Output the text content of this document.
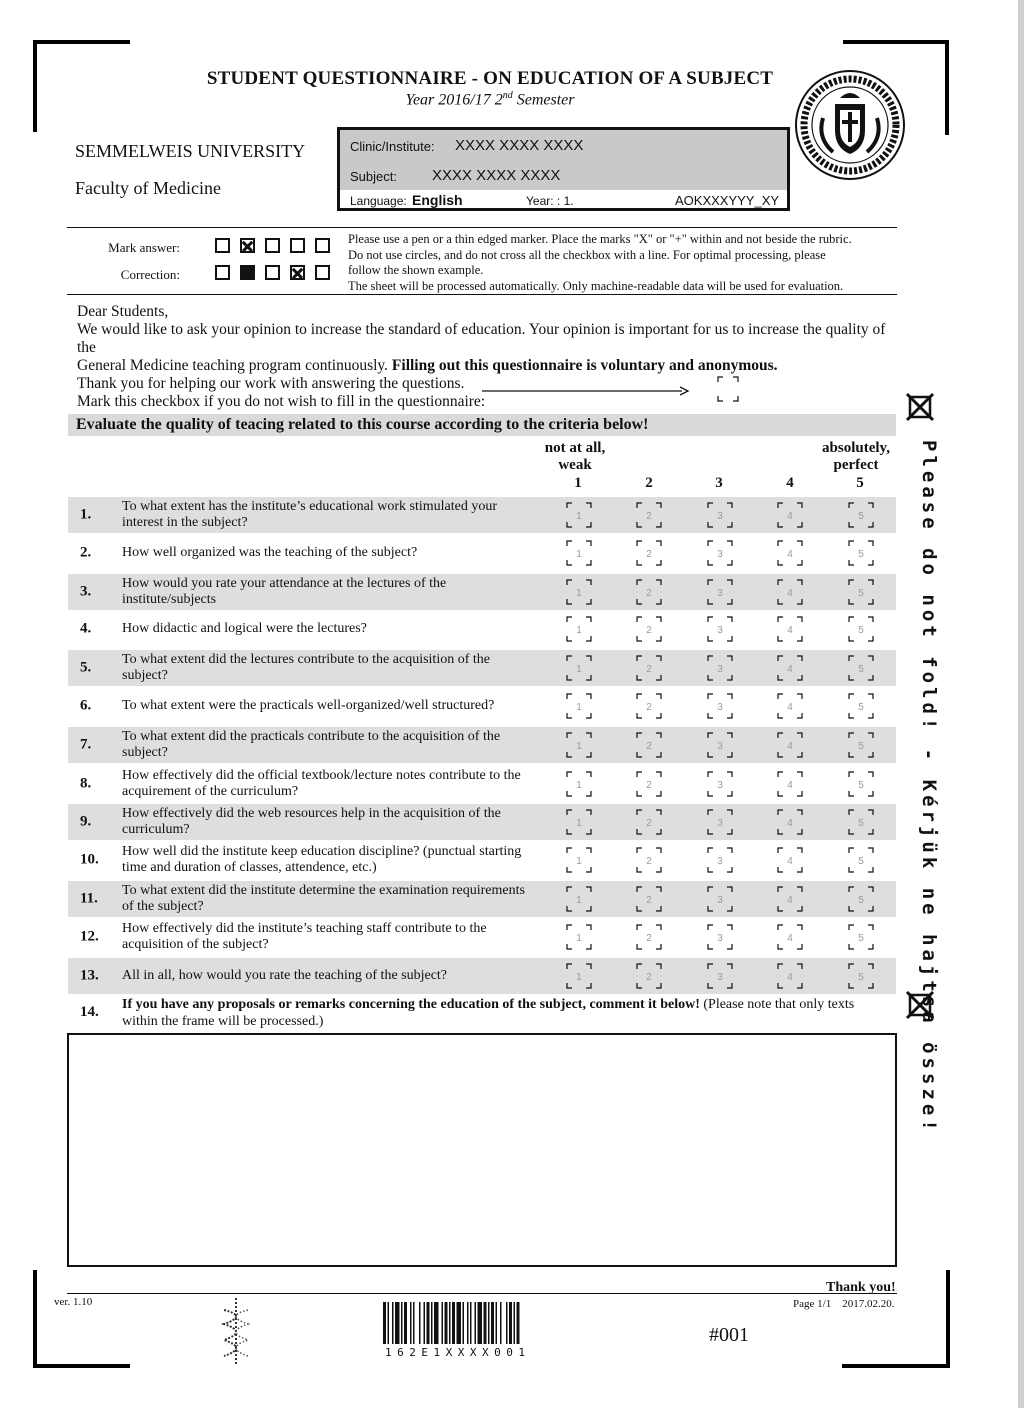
STUDENT QUESTIONNAIRE - ON EDUCATION OF A SUBJECT
Year 2016/17 2nd Semester
SEMMELWEIS UNIVERSITY
Faculty of Medicine
Clinic/Institute: XXXX XXXX XXXX
Subject: XXXX XXXX XXXX
Language: English	Year: : 1.	AOKXXXYYY_XY
Mark answer:
Correction:
Please use a pen or a thin edged marker. Place the marks "X" or "+" within and not beside the rubric.
Do not use circles, and do not cross all the checkbox with a line. For optimal processing, please
follow the shown example.
The sheet will be processed automatically. Only machine-readable data will be used for evaluation.
Dear Students,
We would like to ask your opinion to increase the standard of education. Your opinion is important for us to increase the quality of the
General Medicine teaching program continuously. Filling out this questionnaire is voluntary and anonymous.
Thank you for helping our work with answering the questions.
Mark this checkbox if you do not wish to fill in the questionnaire:
Evaluate the quality of teacing related to this course according to the criteria below!
not at all,
weak
absolutely,
perfect
1	2	3	4	5
14. If you have any proposals or remarks concerning the education of the subject, comment it below! (Please note that only texts within the frame will be processed.)	Please do not fold! - Kérjük ne hajtsa össze!
ver. 1.10
162E1XXXX001
#001
Thank you!
Page 1/1 2017.02.20.
1.	To what extent has the institute’s educational work stimulated your interest in the subject?	1	2	3	4	5
2.	How well organized was the teaching of the subject?	1	2	3	4	5
3.	How would you rate your attendance at the lectures of the institute/subjects	1	2	3	4	5
4.	How didactic and logical were the lectures?	1	2	3	4	5
5.	To what extent did the lectures contribute to the acquisition of the subject?	1	2	3	4	5
6.	To what extent were the practicals well-organized/well structured?	1	2	3	4	5
7.	To what extent did the practicals contribute to the acquisition of the subject?	1	2	3	4	5
8.	How effectively did the official textbook/lecture notes contribute to the acquirement of the curriculum?	1	2	3	4	5
9.	How effectively did the web resources help in the acquisition of the curriculum?	1	2	3	4	5
10.	How well did the institute keep education discipline? (punctual starting time and duration of classes, attendence, etc.)	1	2	3	4	5
11.	To what extent did the institute determine the examination requirements of the subject?	1	2	3	4	5
12.	How effectively did the institute’s teaching staff contribute to the acquisition of the subject?	1	2	3	4	5
13.	All in all, how would you rate the teaching of the subject?	1	2	3	4	5
